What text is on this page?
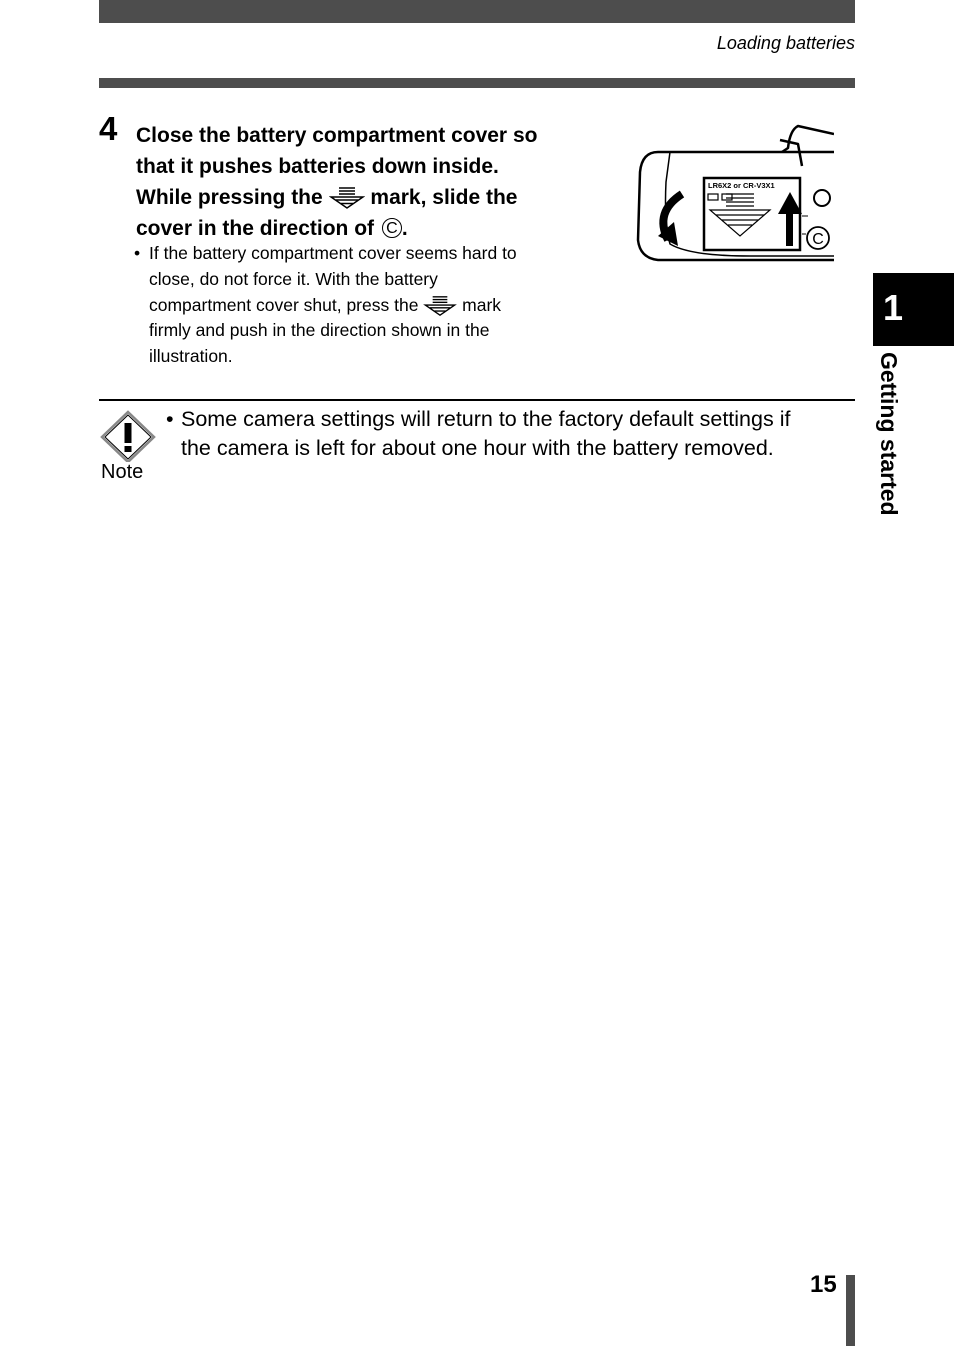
Loading batteries
4 Close the battery compartment cover so
that it pushes batteries down inside.
While pressing the mark, slide the
cover in the direction of C .
• If the battery compartment cover seems hard to
close, do not force it. With the battery
compartment cover shut, press the	mark
firmly and push in the direction shown in the
illustration.
LR6X2 or CR-V3X1
C
Note
• Some camera settings will return to the factory default settings if
the camera is left for about one hour with the battery removed.
1
Getting started
15
